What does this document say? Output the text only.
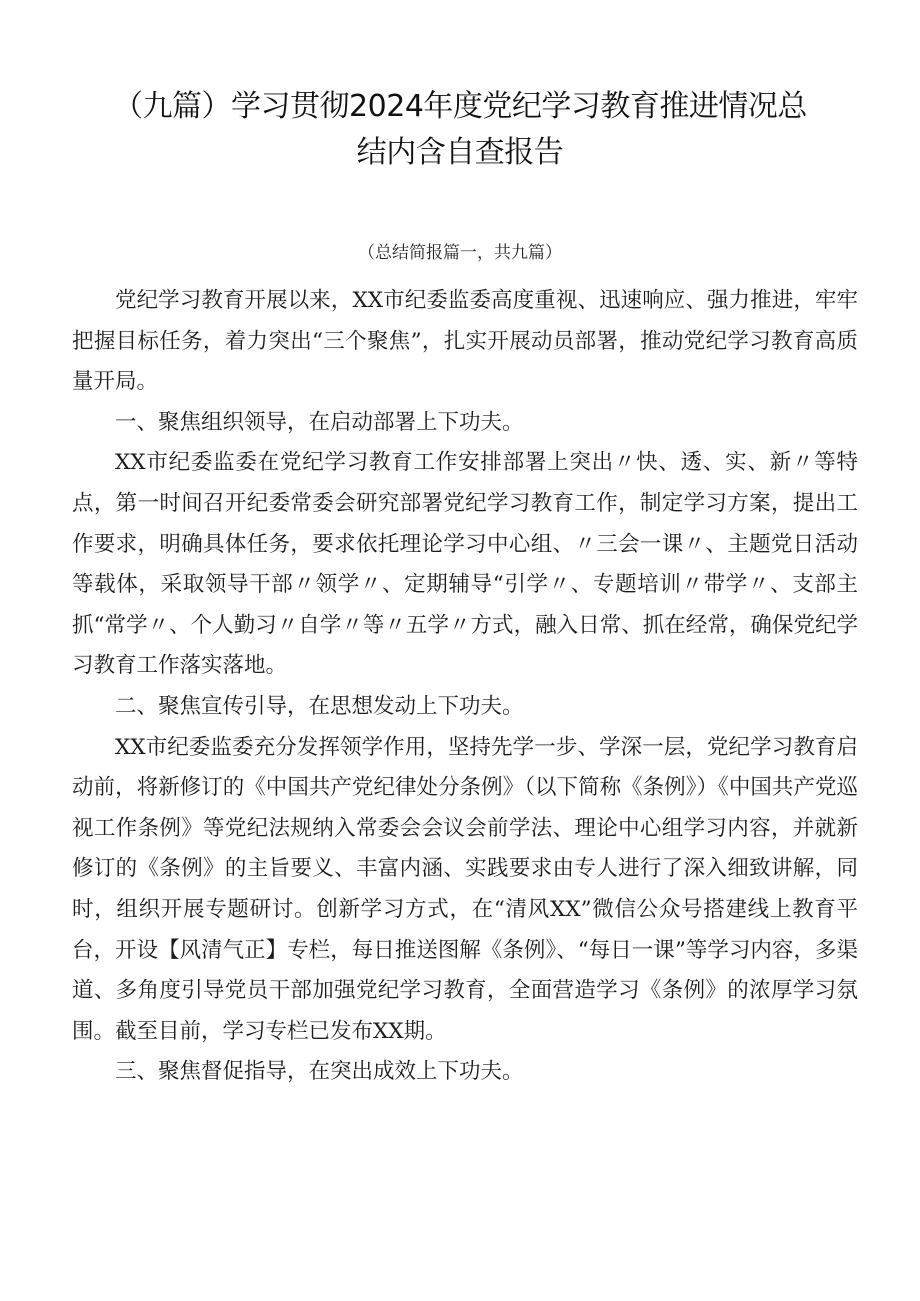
（九篇）学习贯彻2024年度党纪学习教育推进情况总
结内含自查报告
（总结简报篇一，共九篇）

党纪学习教育开展以来，XX市纪委监委高度重视、迅速响应、强力推进，牢牢把握目标任务，着力突出“三个聚焦”，扎实开展动员部署，推动党纪学习教育高质量开局。

一、聚焦组织领导，在启动部署上下功夫。

XX市纪委监委在党纪学习教育工作安排部署上突出〃快、透、实、新〃等特点，第一时间召开纪委常委会研究部署党纪学习教育工作，制定学习方案，提出工作要求，明确具体任务，要求依托理论学习中心组、〃三会一课〃、主题党日活动等载体，采取领导干部〃领学〃、定期辅导“引学〃、专题培训〃带学〃、支部主抓“常学〃、个人勤习〃自学〃等〃五学〃方式，融入日常、抓在经常，确保党纪学习教育工作落实落地。

二、聚焦宣传引导，在思想发动上下功夫。

XX市纪委监委充分发挥领学作用，坚持先学一步、学深一层，党纪学习教育启动前，将新修订的《中国共产党纪律处分条例》（以下简称《条例》）《中国共产党巡视工作条例》等党纪法规纳入常委会会议会前学法、理论中心组学习内容，并就新修订的《条例》的主旨要义、丰富内涵、实践要求由专人进行了深入细致讲解，同时，组织开展专题研讨。创新学习方式，在“清风XX”微信公众号搭建线上教育平台，开设【风清气正】专栏，每日推送图解《条例》、“每日一课”等学习内容，多渠道、多角度引导党员干部加强党纪学习教育，全面营造学习《条例》的浓厚学习氛围。截至目前，学习专栏已发布XX期。

三、聚焦督促指导，在突出成效上下功夫。
